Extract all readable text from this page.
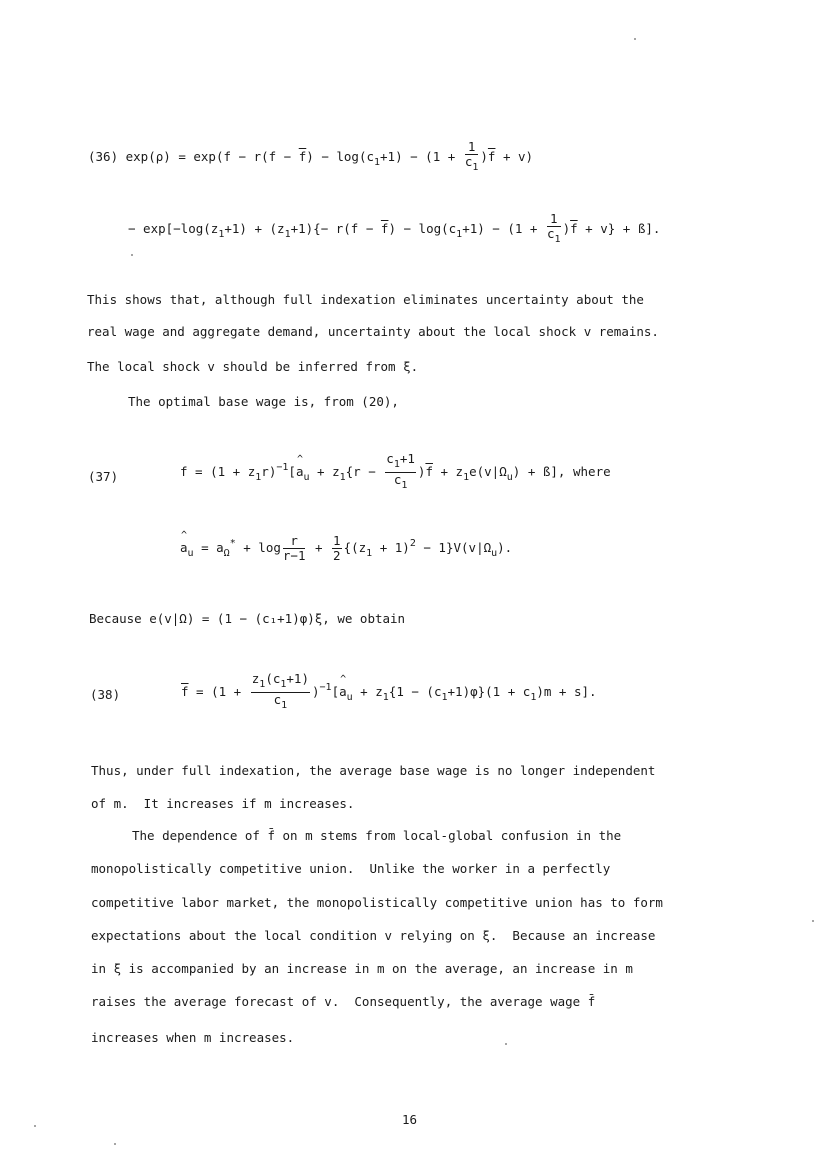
(36) $\exp(\rho) = \exp(f - r(f - \overline{f}) - \log(c_1+1) - (1 + \frac{1}{c_1} )\overline{f} + v)$
− $\exp[-\log(z_1+1) + (z_1+1)\{- r(f - \overline{f}) - \log(c_1+1) - (1 + \frac{1}{c_1} )\overline{f} + v\}$ + ß].
This shows that, although full indexation eliminates uncertainty about the
real wage and aggregate demand, uncertainty about the local shock v remains.
The local shock v should be inferred from ξ.
The optimal base wage is, from (20),
(37)	$f = (1 + z_1r)^{-1}[\^{}$ $a_u + z_1\{r - \frac{c_1+1}{c_1} )\overline{f} + z_1e(v|\Omega_u)$ + ß], where
^ $a_u = a_\Omega^* + \log \frac{r}{r-1} + \frac{1}{2} \{(z_1 + 1)^2 - 1\}V(v|\Omega_u)$.
Because e(v|Ω) = (1 − (c₁+1)φ)ξ, we obtain
(38)	$\overline{f} = (1 + \frac{z_1(c_1+1)}{c_1}$ )$^{-1}[\^{}$ $a_u + z_1\{1 - (c_1+1)\varphi\}(1 + c_1)m + s$].
Thus, under full indexation, the average base wage is no longer independent
of m.  It increases if m increases.
The dependence of f̄ on m stems from local-global confusion in the
monopolistically competitive union.  Unlike the worker in a perfectly
competitive labor market, the monopolistically competitive union has to form
expectations about the local condition v relying on ξ.  Because an increase
in ξ is accompanied by an increase in m on the average, an increase in m
raises the average forecast of v.  Consequently, the average wage f̄
increases when m increases.
16
